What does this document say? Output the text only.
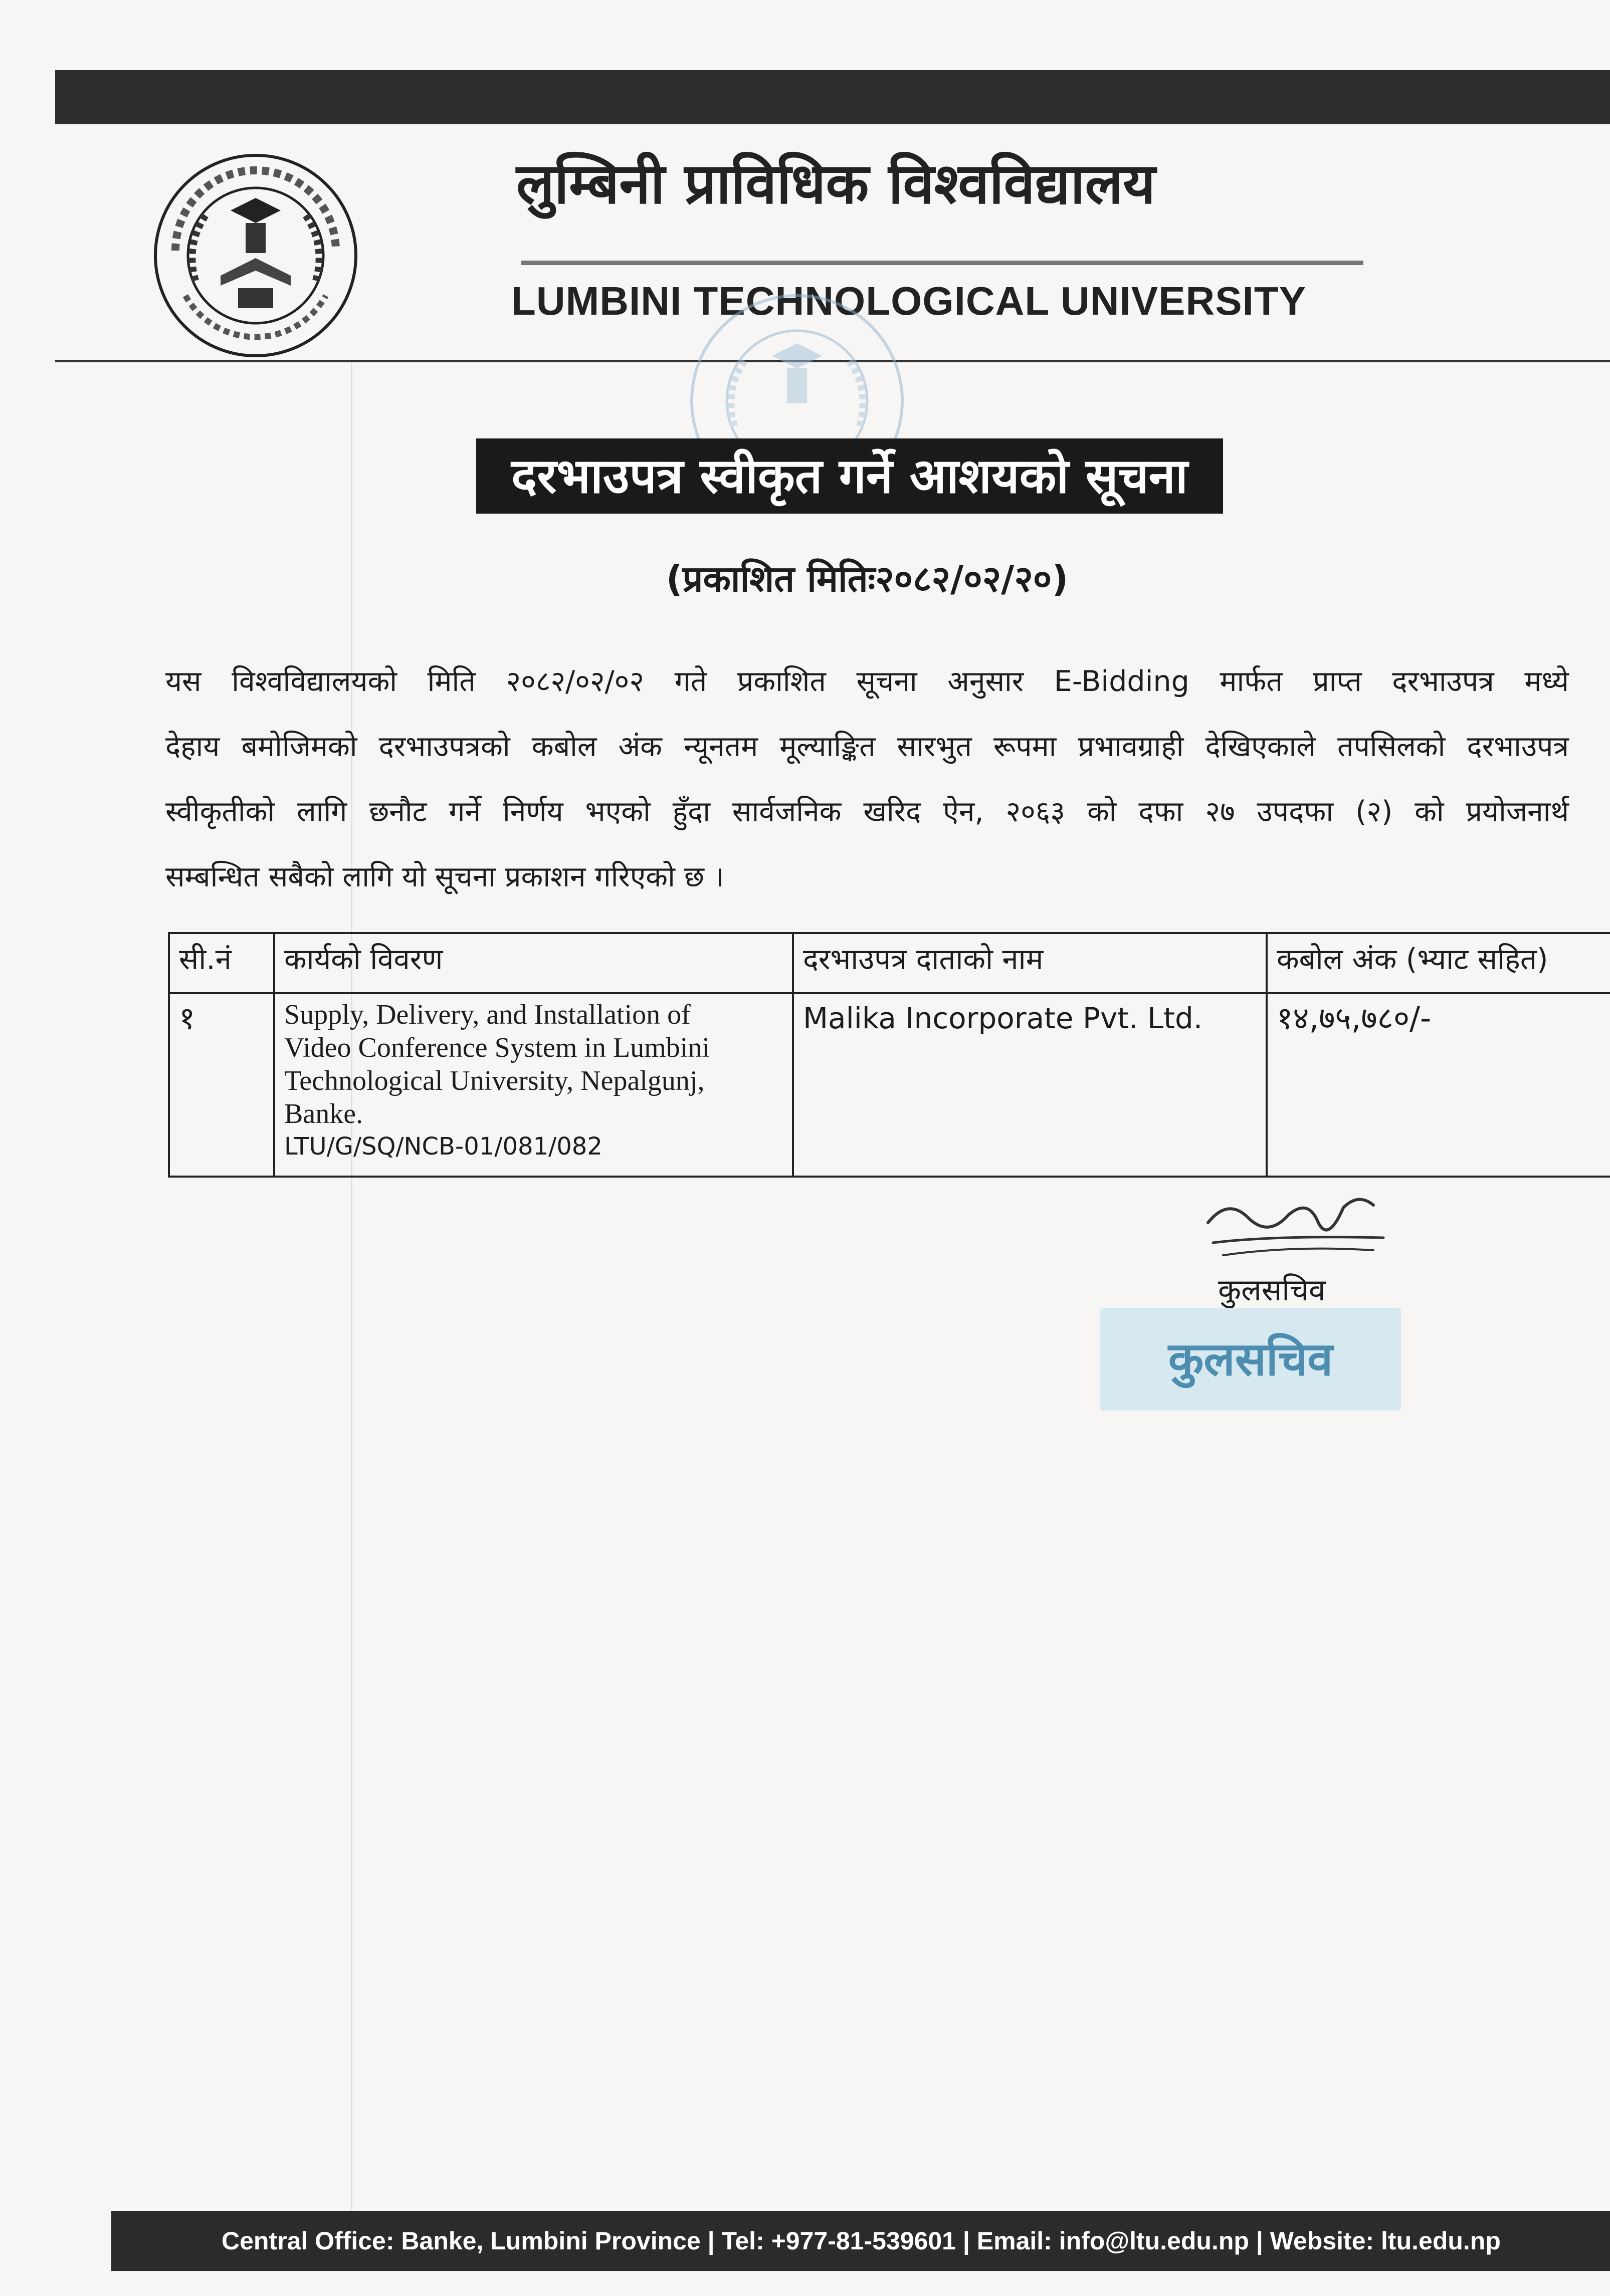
लुम्बिनी प्राविधिक विश्वविद्यालय
LUMBINI TECHNOLOGICAL UNIVERSITY
दरभाउपत्र स्वीकृत गर्ने आशयको सूचना
(प्रकाशित मितिः२०८२/०२/२०)
यस विश्वविद्यालयको मिति २०८२/०२/०२ गते प्रकाशित सूचना अनुसार E-Bidding मार्फत प्राप्त दरभाउपत्र मध्ये
देहाय बमोजिमको दरभाउपत्रको कबोल अंक न्यूनतम मूल्याङ्कित सारभुत रूपमा प्रभावग्राही देखिएकाले तपसिलको दरभाउपत्र
स्वीकृतीको लागि छनौट गर्ने निर्णय भएको हुँदा सार्वजनिक खरिद ऐन, २०६३ को दफा २७ उपदफा (२) को प्रयोजनार्थ
सम्बन्धित सबैको लागि यो सूचना प्रकाशन गरिएको छ ।
सी.नं	कार्यको विवरण	दरभाउपत्र दाताको नाम	कबोल अंक (भ्याट सहित)
१	Supply, Delivery, and Installation of
Video Conference System in Lumbini
Technological University, Nepalgunj,
Banke.
LTU/G/SQ/NCB-01/081/082	Malika Incorporate Pvt. Ltd.	१४,७५,७८०/-
कुलसचिव
कुलसचिव
Central Office: Banke, Lumbini Province | Tel: +977-81-539601 | Email: info@ltu.edu.np | Website: ltu.edu.np
